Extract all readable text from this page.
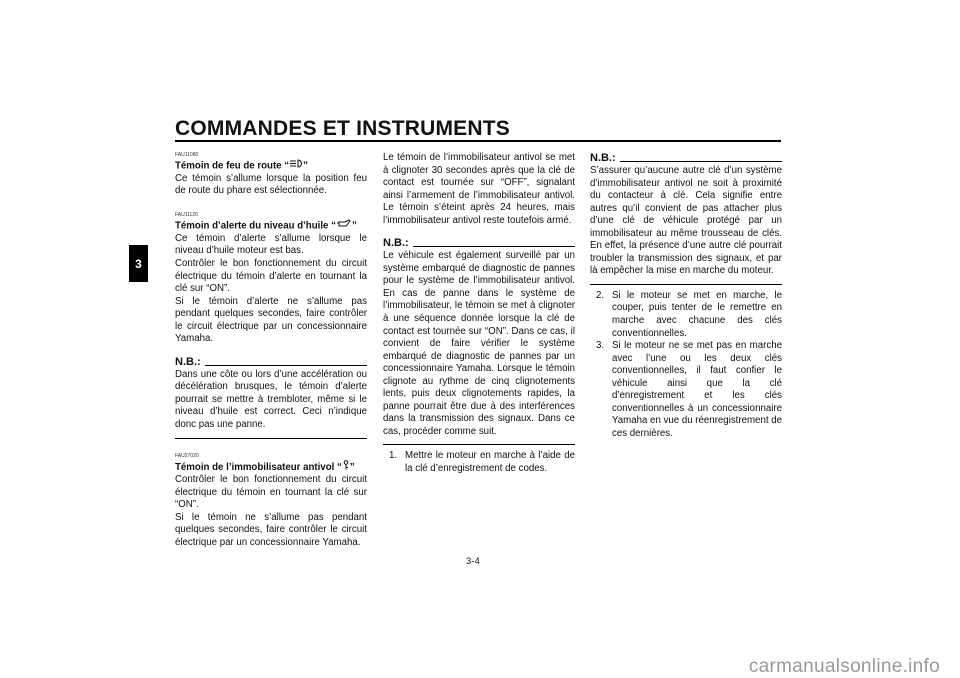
COMMANDES ET INSTRUMENTS
3

FAU11080

Témoin de feu de route “ ”

Ce témoin s’allume lorsque la position feu de route du phare est sélectionnée.

FAU11120

Témoin d’alerte du niveau d’huile “ ”

Ce témoin d’alerte s’allume lorsque le niveau d’huile moteur est bas.

Contrôler le bon fonctionnement du circuit électrique du témoin d’alerte en tournant la clé sur “ON”.

Si le témoin d’alerte ne s’allume pas pendant quelques secondes, faire contrôler le circuit électrique par un concessionnaire Yamaha.

N.B.:

Dans une côte ou lors d’une accélération ou décélération brusques, le témoin d’alerte pourrait se mettre à trembloter, même si le niveau d’huile est correct. Ceci n’indique donc pas une panne.

FAU27020

Témoin de l’immobilisateur antivol “ ”

Contrôler le bon fonctionnement du circuit électrique du témoin en tournant la clé sur “ON”.

Si le témoin ne s’allume pas pendant quelques secondes, faire contrôler le circuit électrique par un concessionnaire Yamaha.

Le témoin de l’immobilisateur antivol se met à clignoter 30 secondes après que la clé de contact est tournée sur “OFF”, signalant ainsi l’armement de l’immobilisateur antivol. Le témoin s’éteint après 24 heures, mais l’immobilisateur antivol reste toutefois armé.

N.B.:

Le véhicule est également surveillé par un système embarqué de diagnostic de pannes pour le système de l’immobilisateur antivol. En cas de panne dans le système de l’immobilisateur, le témoin se met à clignoter à une séquence donnée lorsque la clé de contact est tournée sur “ON”. Dans ce cas, il convient de faire vérifier le système embarqué de diagnostic de pannes par un concessionnaire Yamaha. Lorsque le témoin clignote au rythme de cinq clignotements lents, puis deux clignotements rapides, la panne pourrait être due à des interférences dans la transmission des signaux. Dans ce cas, procéder comme suit.

1. Mettre le moteur en marche à l’aide de la clé d’enregistrement de codes.
N.B.:

S’assurer qu’aucune autre clé d’un système d’immobilisateur antivol ne soit à proximité du contacteur à clé. Cela signifie entre autres qu’il convient de pas attacher plus d’une clé de véhicule protégé par un immobilisateur au même trousseau de clés. En effet, la présence d’une autre clé pourrait troubler la transmission des signaux, et par là empêcher la mise en marche du moteur.

2. Si le moteur se met en marche, le couper, puis tenter de le remettre en marche avec chacune des clés conventionnelles.
3. Si le moteur ne se met pas en marche avec l’une ou les deux clés conventionnelles, il faut confier le véhicule ainsi que la clé d’enregistrement et les clés conventionnelles à un concessionnaire Yamaha en vue du réenregistrement de ces dernières.
3-4
carmanualsonline.info
